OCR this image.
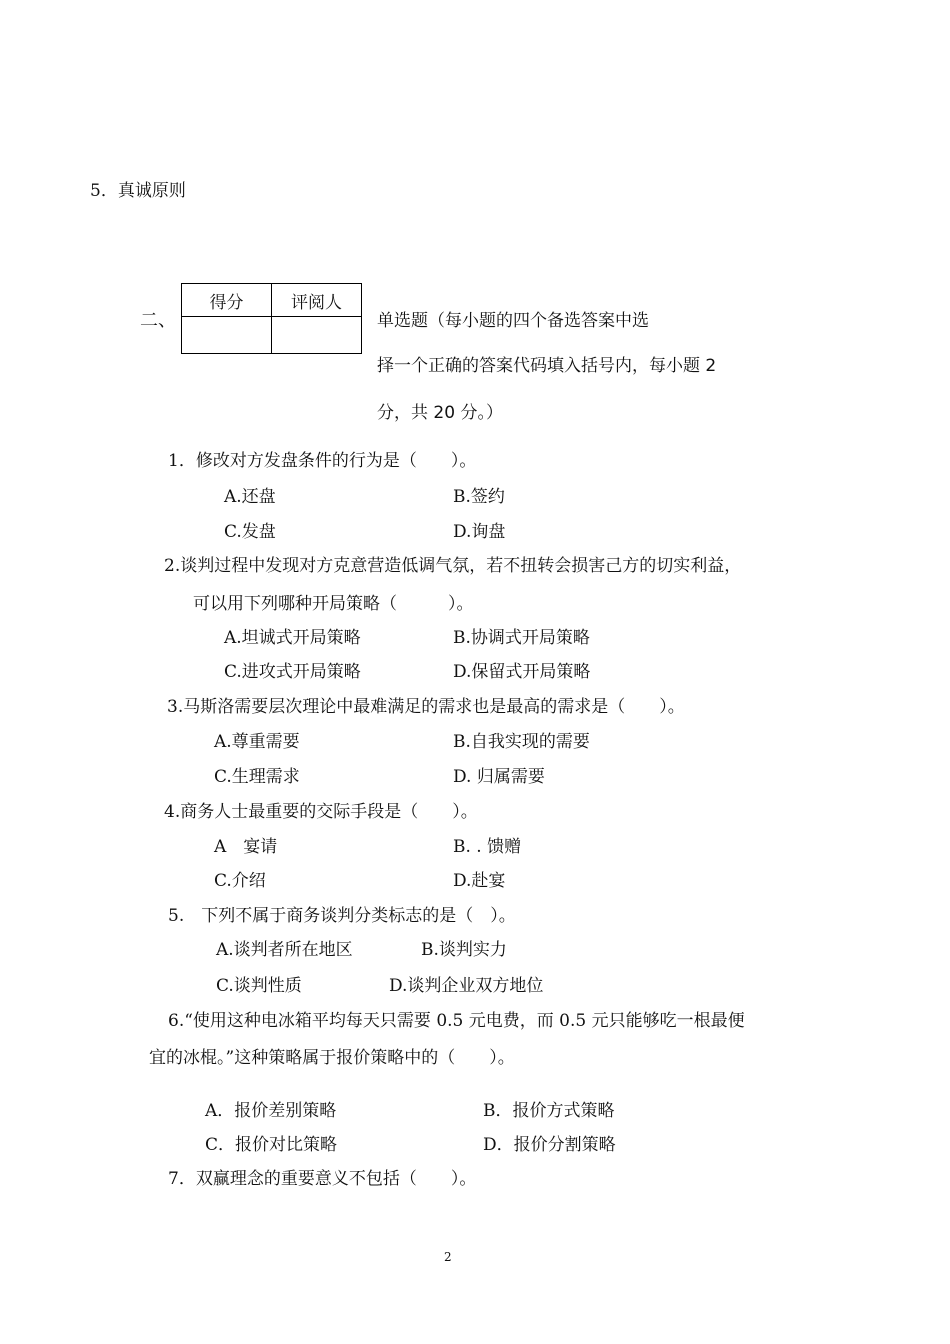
5．真诚原则
二、
得分	评阅人

单选题（每小题的四个备选答案中选
择一个正确的答案代码填入括号内，每小题 2
分，共 20 分。）
1．修改对方发盘条件的行为是（　　）。
A.还盘	B.签约
C.发盘	D.询盘
2.谈判过程中发现对方克意营造低调气氛，若不扭转会损害己方的切实利益，
可以用下列哪种开局策略（　　　）。
A.坦诚式开局策略	B.协调式开局策略
C.进攻式开局策略	D.保留式开局策略
3.马斯洛需要层次理论中最难满足的需求也是最高的需求是（　　）。
A.尊重需要	B.自我实现的需要
C.生理需求	D. 归属需要
4.商务人士最重要的交际手段是（　　）。
A　宴请	B. . 馈赠
C.介绍	D.赴宴
5.　下列不属于商务谈判分类标志的是（　）。
A.谈判者所在地区	B.谈判实力
C.谈判性质	D.谈判企业双方地位
6.“使用这种电冰箱平均每天只需要 0.5 元电费，而 0.5 元只能够吃一根最便
宜的冰棍。”这种策略属于报价策略中的（　　）。
A．报价差别策略	B．报价方式策略
C．报价对比策略	D．报价分割策略
7．双赢理念的重要意义不包括（　　）。
2
